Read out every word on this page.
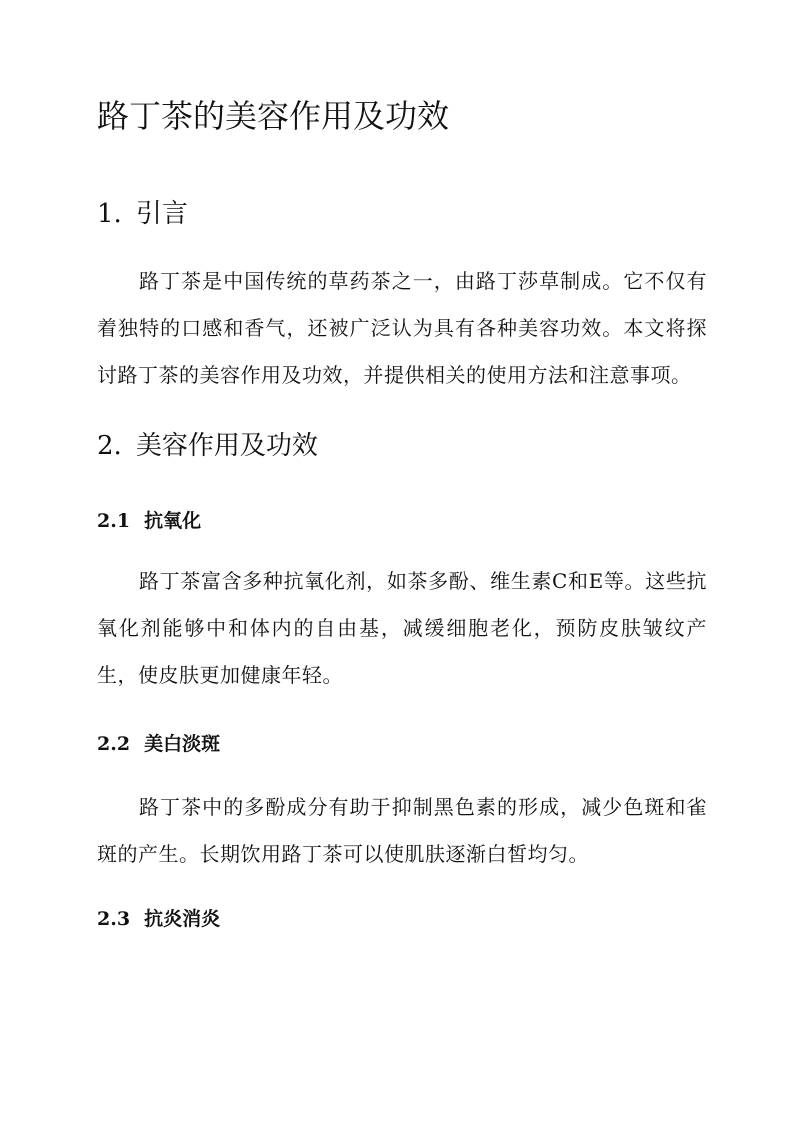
路丁茶的美容作用及功效
1. 引言

路丁茶是中国传统的草药茶之一，由路丁莎草制成。它不仅有着独特的口感和香气，还被广泛认为具有各种美容功效。本文将探讨路丁茶的美容作用及功效，并提供相关的使用方法和注意事项。

2. 美容作用及功效
2.1 抗氧化

路丁茶富含多种抗氧化剂，如茶多酚、维生素C和E等。这些抗氧化剂能够中和体内的自由基，减缓细胞老化，预防皮肤皱纹产生，使皮肤更加健康年轻。

2.2 美白淡斑

路丁茶中的多酚成分有助于抑制黑色素的形成，减少色斑和雀斑的产生。长期饮用路丁茶可以使肌肤逐渐白皙均匀。

2.3 抗炎消炎
